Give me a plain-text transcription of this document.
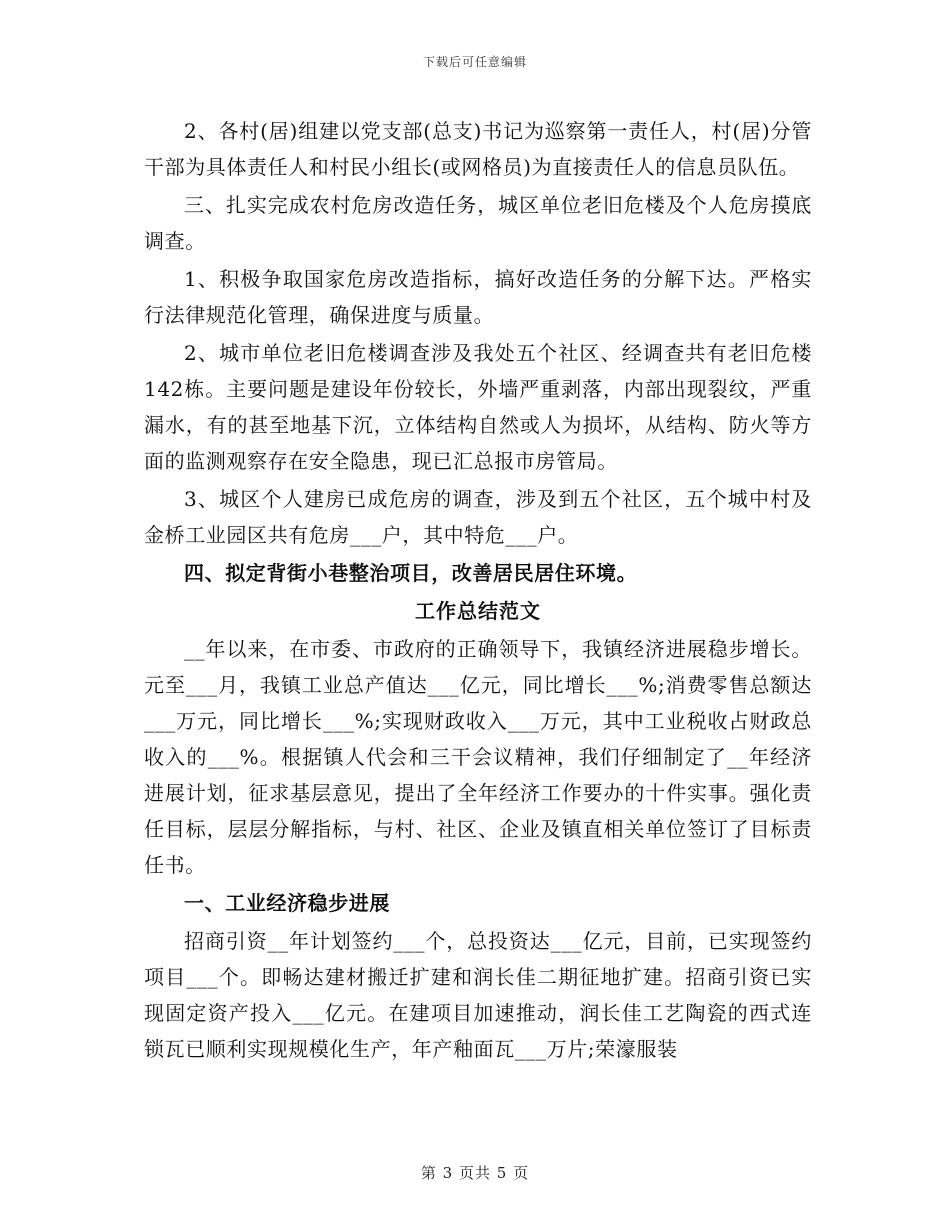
下载后可任意编辑

2、各村(居)组建以党支部(总支)书记为巡察第一责任人，村(居)分管干部为具体责任人和村民小组长(或网格员)为直接责任人的信息员队伍。

三、扎实完成农村危房改造任务，城区单位老旧危楼及个人危房摸底调查。

1、积极争取国家危房改造指标，搞好改造任务的分解下达。严格实行法律规范化管理，确保进度与质量。

2、城市单位老旧危楼调查涉及我处五个社区、经调查共有老旧危楼142栋。主要问题是建设年份较长，外墙严重剥落，内部出现裂纹，严重漏水，有的甚至地基下沉，立体结构自然或人为损坏，从结构、防火等方面的监测观察存在安全隐患，现已汇总报市房管局。

3、城区个人建房已成危房的调查，涉及到五个社区，五个城中村及金桥工业园区共有危房___户，其中特危___户。

四、拟定背街小巷整治项目，改善居民居住环境。

工作总结范文

__年以来，在市委、市政府的正确领导下，我镇经济进展稳步增长。元至___月，我镇工业总产值达___亿元，同比增长___%;消费零售总额达___万元，同比增长___%;实现财政收入___万元，其中工业税收占财政总收入的___%。根据镇人代会和三干会议精神，我们仔细制定了__年经济进展计划，征求基层意见，提出了全年经济工作要办的十件实事。强化责任目标，层层分解指标，与村、社区、企业及镇直相关单位签订了目标责任书。

一、工业经济稳步进展

招商引资__年计划签约___个，总投资达___亿元，目前，已实现签约项目___个。即畅达建材搬迁扩建和润长佳二期征地扩建。招商引资已实现固定资产投入___亿元。在建项目加速推动，润长佳工艺陶瓷的西式连锁瓦已顺利实现规模化生产，年产釉面瓦___万片;荣濠服装

第 3 页共 5 页
